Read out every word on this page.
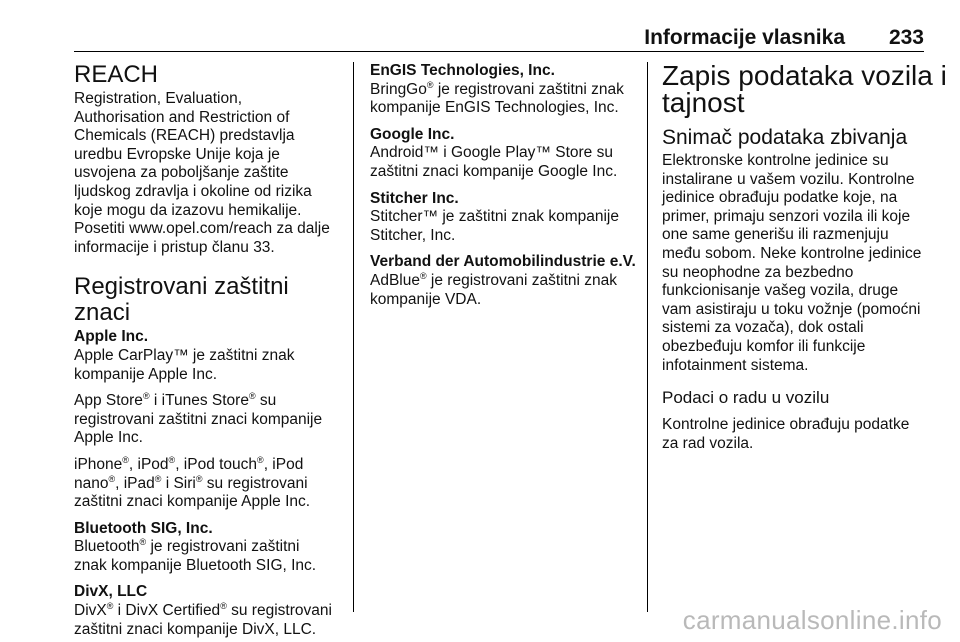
Informacije vlasnika 233
REACH

Registration, Evaluation,
Authorisation and Restriction of
Chemicals (REACH) predstavlja
uredbu Evropske Unije koja je
usvojena za poboljšanje zaštite
ljudskog zdravlja i okoline od rizika
koje mogu da izazovu hemikalije.
Posetiti www.opel.com/reach za dalje
informacije i pristup članu 33.

Registrovani zaštitni znaci

Apple Inc.

Apple CarPlay™ je zaštitni znak
kompanije Apple Inc.

App Store® i iTunes Store® su
registrovani zaštitni znaci kompanije
Apple Inc.

iPhone®, iPod®, iPod touch®, iPod
nano®, iPad® i Siri® su registrovani
zaštitni znaci kompanije Apple Inc.

Bluetooth SIG, Inc.

Bluetooth® je registrovani zaštitni
znak kompanije Bluetooth SIG, Inc.

DivX, LLC

DivX® i DivX Certified® su registrovani
zaštitni znaci kompanije DivX, LLC.

EnGIS Technologies, Inc.

BringGo® je registrovani zaštitni znak
kompanije EnGIS Technologies, Inc.

Google Inc.

Android™ i Google Play™ Store su
zaštitni znaci kompanije Google Inc.

Stitcher Inc.

Stitcher™ je zaštitni znak kompanije
Stitcher, Inc.

Verband der Automobilindustrie e.V.

AdBlue® je registrovani zaštitni znak
kompanije VDA.

Zapis podataka vozila i
tajnost
Snimač podataka zbivanja

Elektronske kontrolne jedinice su
instalirane u vašem vozilu. Kontrolne
jedinice obrađuju podatke koje, na
primer, primaju senzori vozila ili koje
one same generišu ili razmenjuju
među sobom. Neke kontrolne jedinice
su neophodne za bezbedno
funkcionisanje vašeg vozila, druge
vam asistiraju u toku vožnje (pomoćni
sistemi za vozača), dok ostali
obezbeđuju komfor ili funkcije
infotainment sistema.

Podaci o radu u vozilu

Kontrolne jedinice obrađuju podatke
za rad vozila.

carmanualsonline.info
